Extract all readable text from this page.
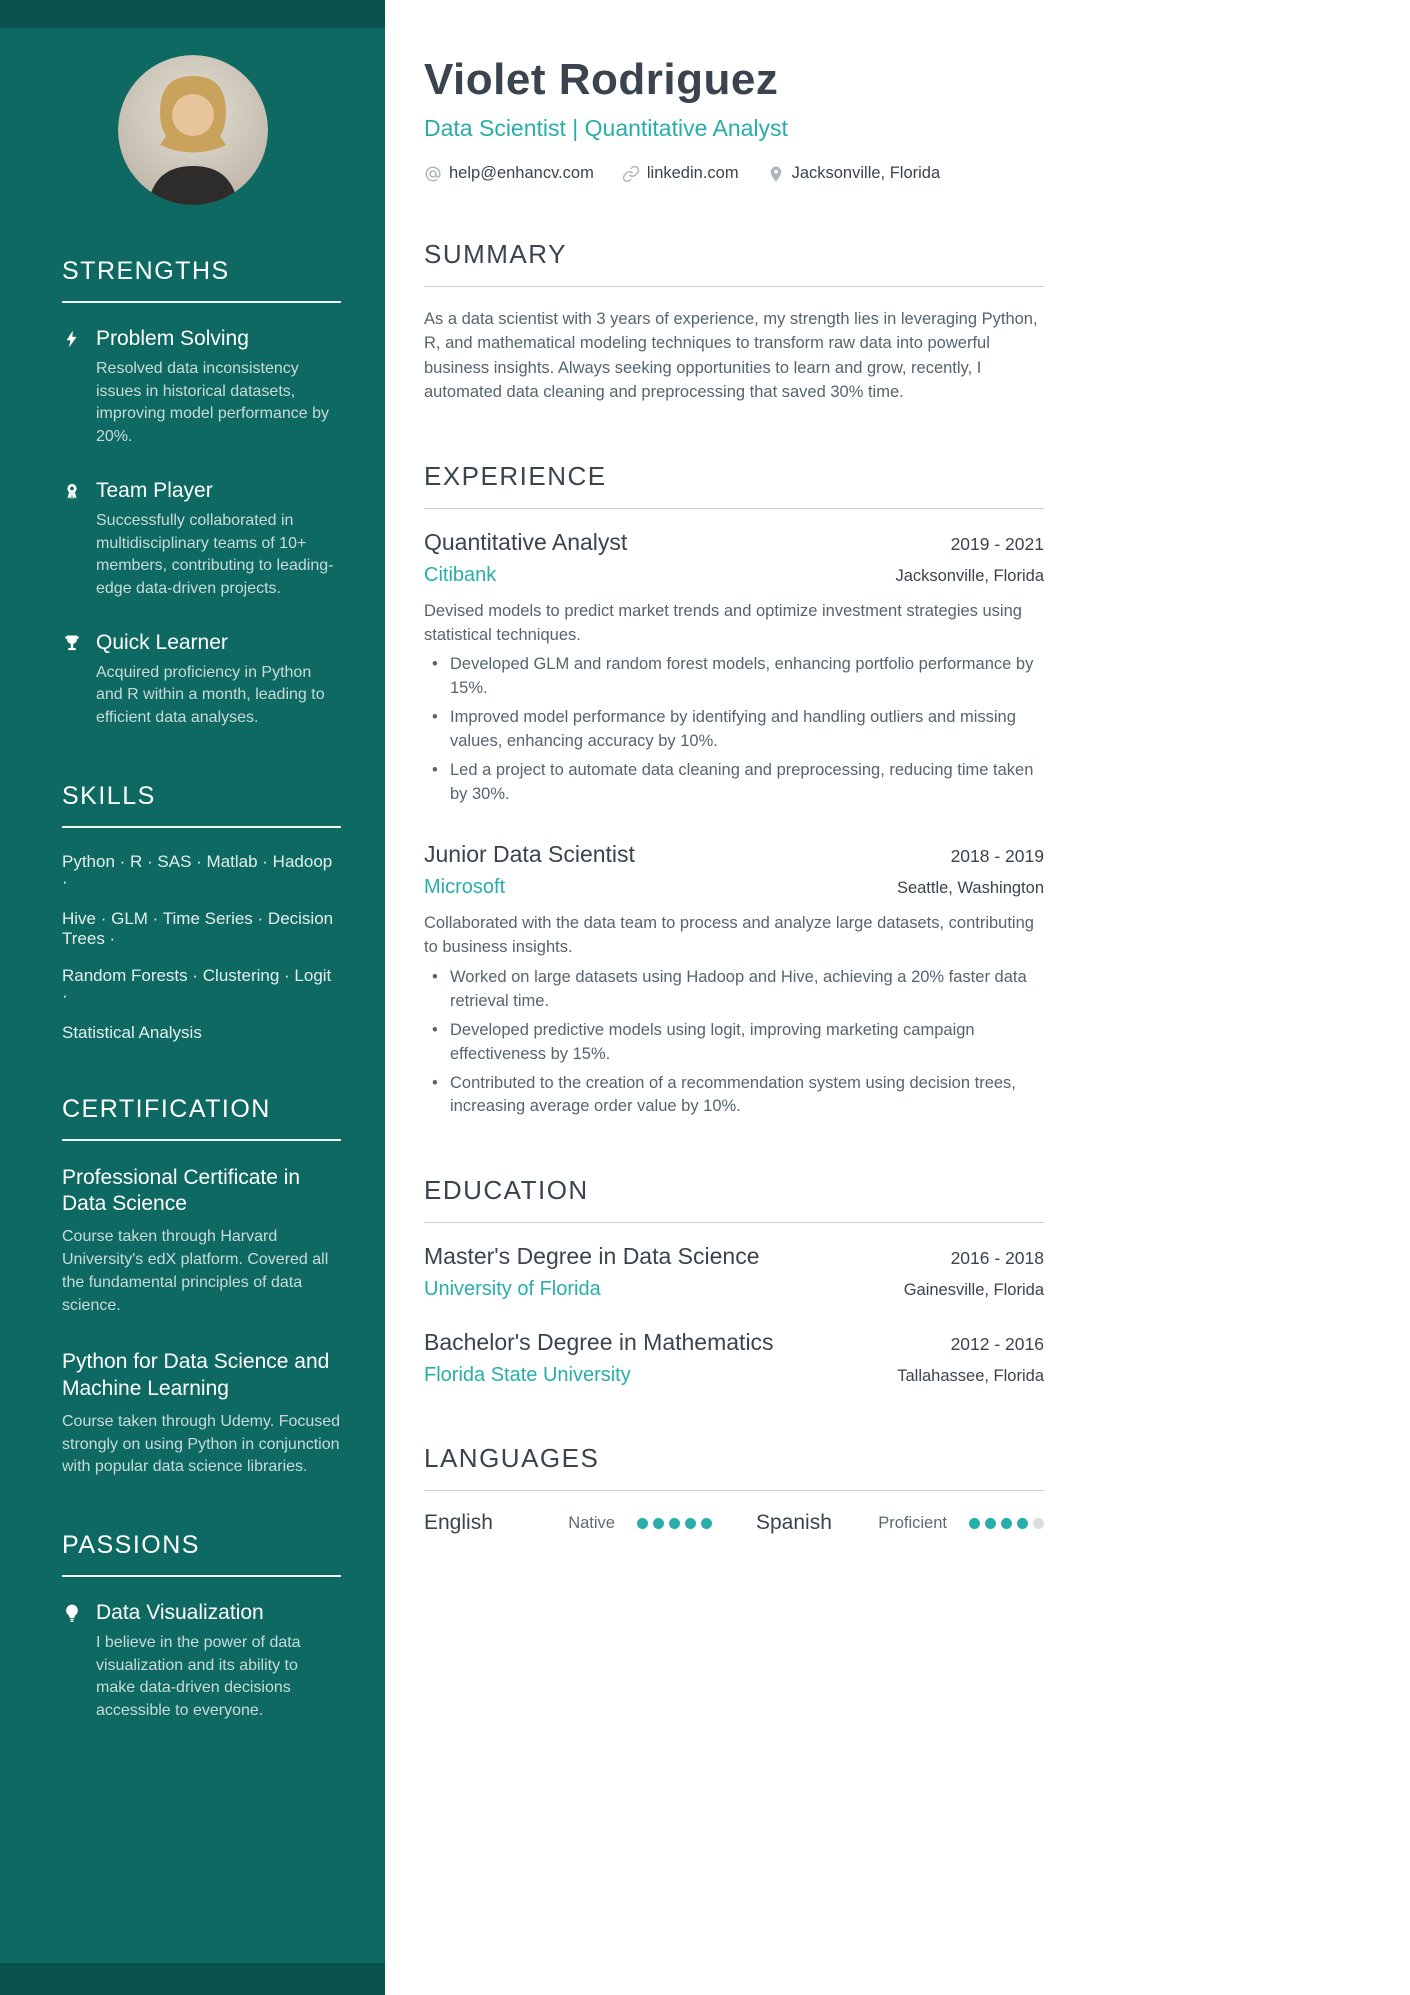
STRENGTHS
Problem Solving
Resolved data inconsistency issues in historical datasets, improving model performance by 20%.
Team Player
Successfully collaborated in multidisciplinary teams of 10+ members, contributing to leading-edge data-driven projects.
Quick Learner
Acquired proficiency in Python and R within a month, leading to efficient data analyses.
SKILLS

Python · R · SAS · Matlab · Hadoop ·

Hive · GLM · Time Series · Decision Trees ·

Random Forests · Clustering · Logit ·

Statistical Analysis

CERTIFICATION
Professional Certificate in Data Science
Course taken through Harvard University's edX platform. Covered all the fundamental principles of data science.
Python for Data Science and Machine Learning
Course taken through Udemy. Focused strongly on using Python in conjunction with popular data science libraries.
PASSIONS
Data Visualization
I believe in the power of data visualization and its ability to make data-driven decisions accessible to everyone.
Violet Rodriguez
Data Scientist | Quantitative Analyst
help@enhancv.com	linkedin.com	Jacksonville, Florida
SUMMARY

As a data scientist with 3 years of experience, my strength lies in leveraging Python, R, and mathematical modeling techniques to transform raw data into powerful business insights. Always seeking opportunities to learn and grow, recently, I automated data cleaning and preprocessing that saved 30% time.

EXPERIENCE
Quantitative Analyst	2019 - 2021
Citibank	Jacksonville, Florida

Devised models to predict market trends and optimize investment strategies using statistical techniques.

• Developed GLM and random forest models, enhancing portfolio performance by 15%.
• Improved model performance by identifying and handling outliers and missing values, enhancing accuracy by 10%.
• Led a project to automate data cleaning and preprocessing, reducing time taken by 30%.
Junior Data Scientist	2018 - 2019
Microsoft	Seattle, Washington

Collaborated with the data team to process and analyze large datasets, contributing to business insights.

• Worked on large datasets using Hadoop and Hive, achieving a 20% faster data retrieval time.
• Developed predictive models using logit, improving marketing campaign effectiveness by 15%.
• Contributed to the creation of a recommendation system using decision trees, increasing average order value by 10%.
EDUCATION
Master's Degree in Data Science	2016 - 2018
University of Florida	Gainesville, Florida
Bachelor's Degree in Mathematics	2012 - 2016
Florida State University	Tallahassee, Florida
LANGUAGES
English	Native	Spanish	Proficient
